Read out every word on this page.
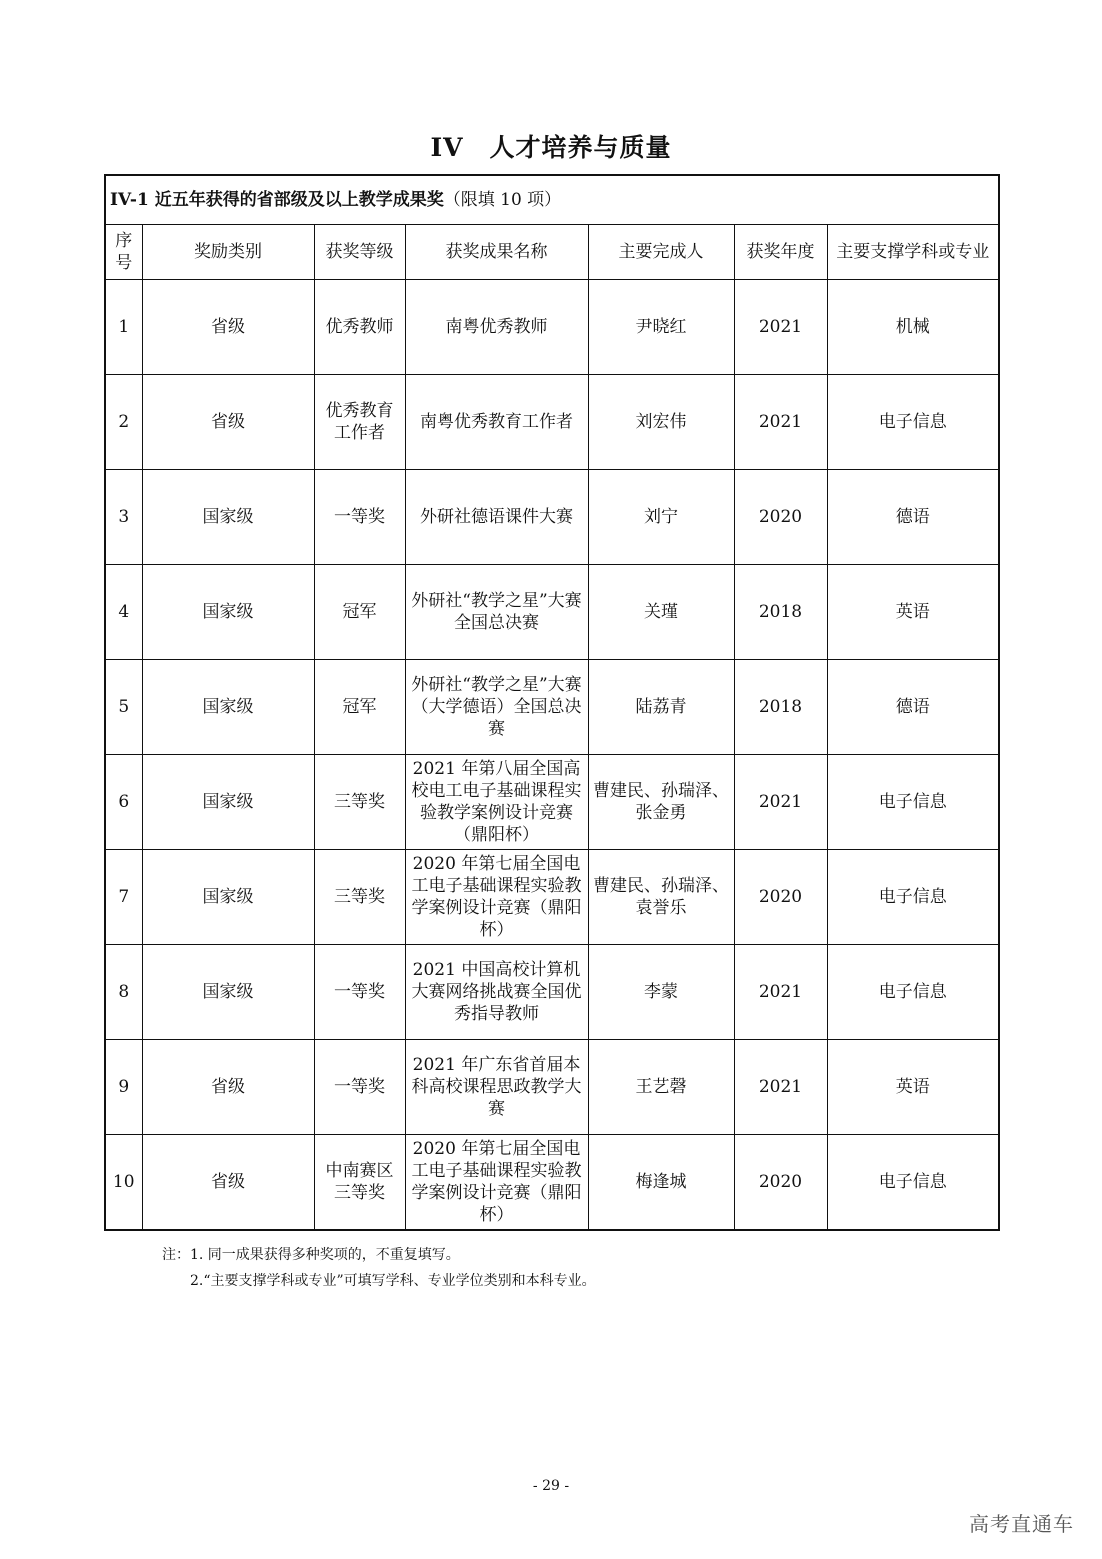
IV 人才培养与质量
IV-1 近五年获得的省部级及以上教学成果奖（限填 10 项）						
序号	奖励类别	获奖等级	获奖成果名称	主要完成人	获奖年度	主要支撑学科或专业
1	省级	优秀教师	南粤优秀教师	尹晓红	2021	机械
2	省级	优秀教育工作者	南粤优秀教育工作者	刘宏伟	2021	电子信息
3	国家级	一等奖	外研社德语课件大赛	刘宁	2020	德语
4	国家级	冠军	外研社“教学之星”大赛全国总决赛	关瑾	2018	英语
5	国家级	冠军	外研社“教学之星”大赛（大学德语）全国总决赛	陆荔青	2018	德语
6	国家级	三等奖	2021 年第八届全国高校电工电子基础课程实验教学案例设计竞赛（鼎阳杯）	曹建民、孙瑞泽、张金勇	2021	电子信息
7	国家级	三等奖	2020 年第七届全国电工电子基础课程实验教学案例设计竞赛（鼎阳杯）	曹建民、孙瑞泽、袁誉乐	2020	电子信息
8	国家级	一等奖	2021 中国高校计算机大赛网络挑战赛全国优秀指导教师	李蒙	2021	电子信息
9	省级	一等奖	2021 年广东省首届本科高校课程思政教学大赛	王艺磬	2021	英语
10	省级	中南赛区三等奖	2020 年第七届全国电工电子基础课程实验教学案例设计竞赛（鼎阳杯）	梅逢城	2020	电子信息
注：1. 同一成果获得多种奖项的，不重复填写。
2.“主要支撑学科或专业”可填写学科、专业学位类别和本科专业。
- 29 -
高考直通车
